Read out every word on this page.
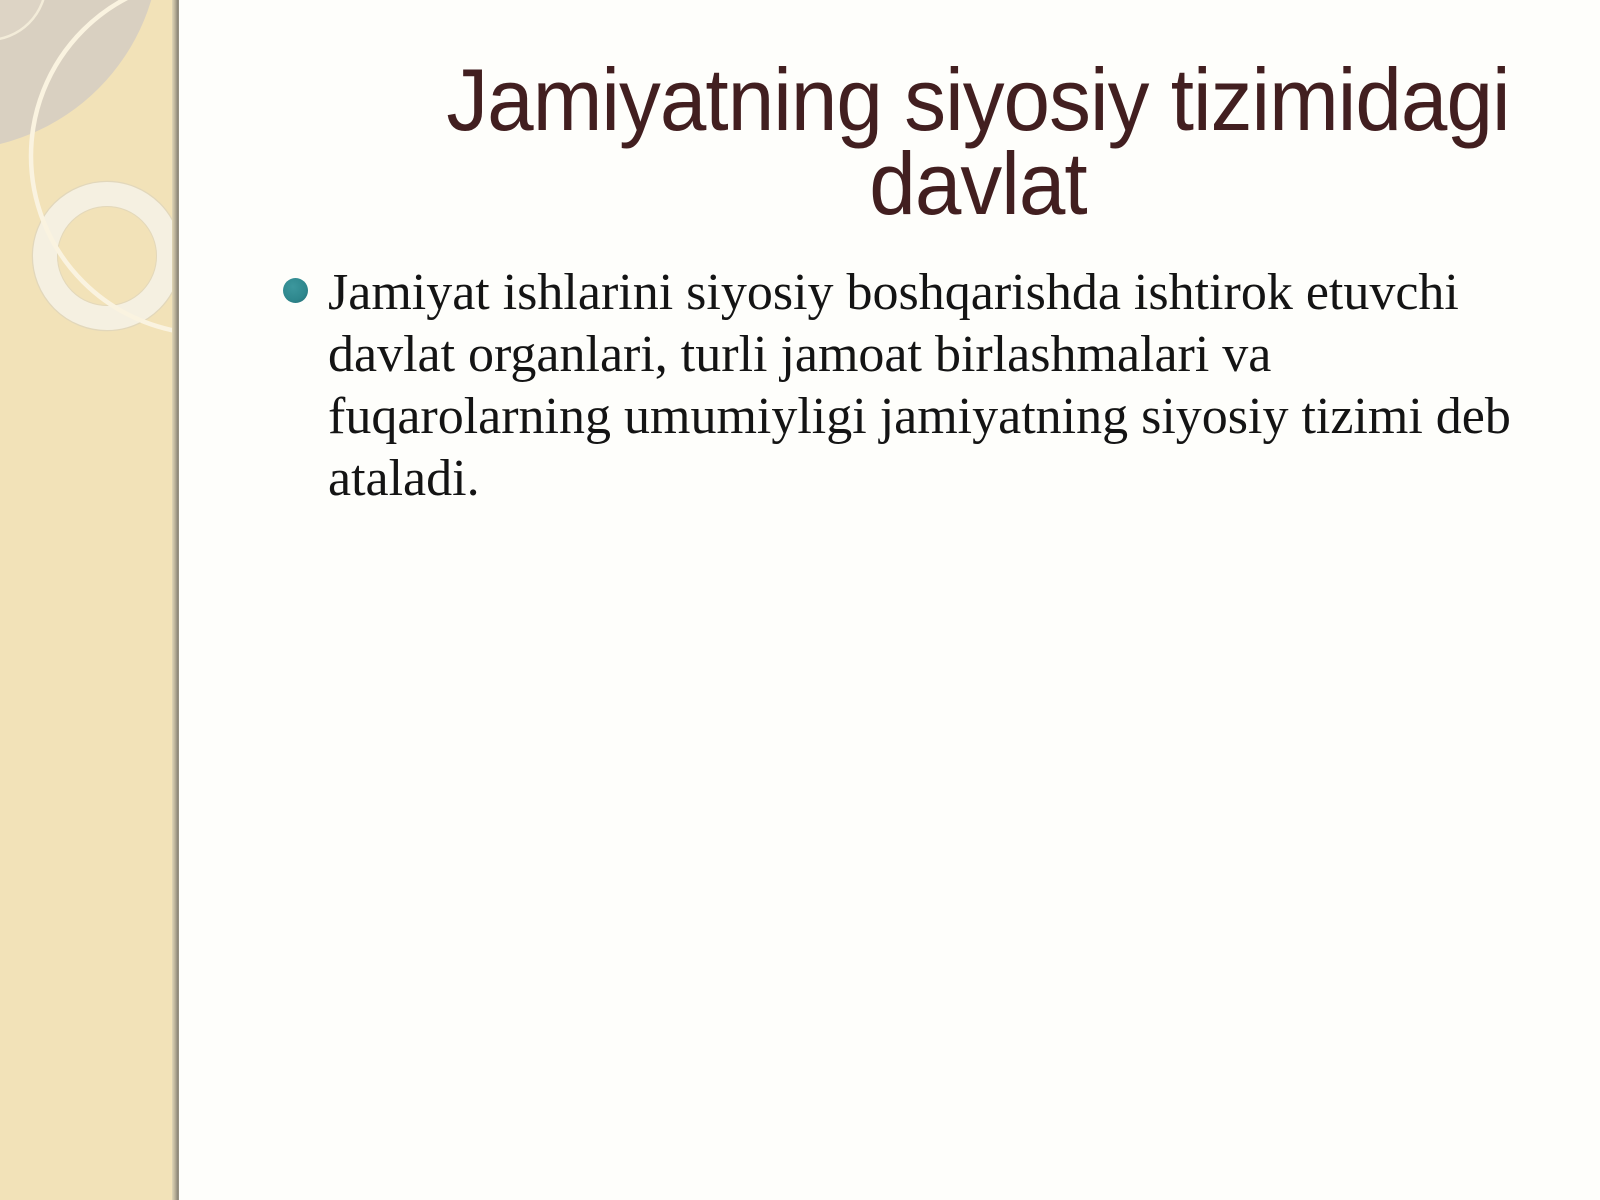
Jamiyatning siyosiy tizimidagi davlat
Jamiyat ishlarini siyosiy boshqarishda ishtirok etuvchi
davlat organlari, turli jamoat birlashmalari va
fuqarolarning umumiyligi jamiyatning siyosiy tizimi deb
ataladi.
